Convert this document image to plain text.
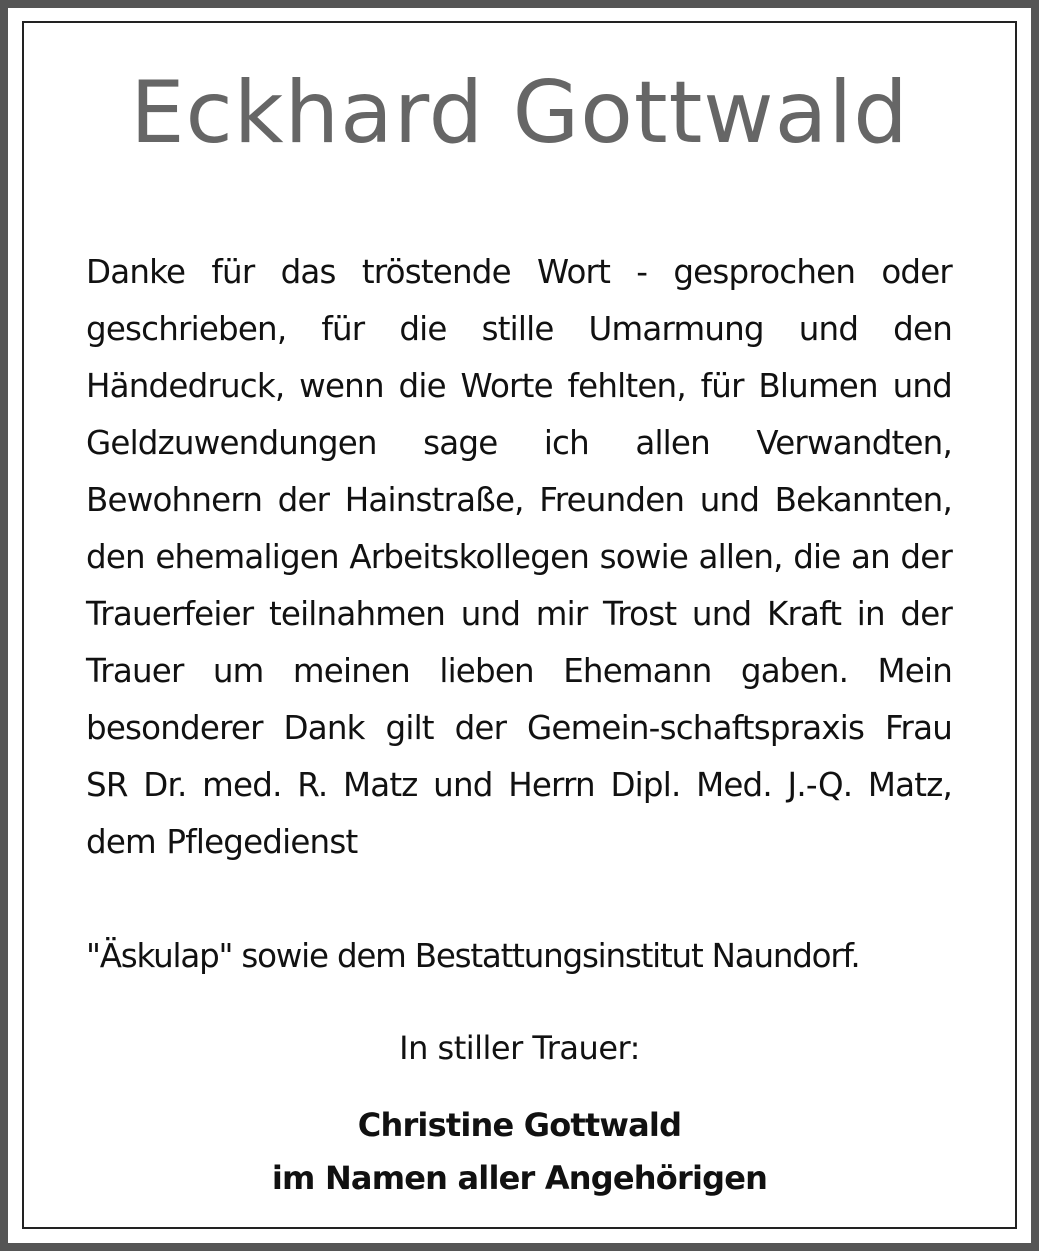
Eckhard Gottwald

Danke für das tröstende Wort - gesprochen oder geschrieben, für die stille Umarmung und den Händedruck, wenn die Worte fehlten, für Blumen und Geldzuwendungen sage ich allen Verwandten, Bewohnern der Hainstraße, Freunden und Bekannten, den ehemaligen Arbeitskollegen sowie allen, die an der Trauerfeier teilnahmen und mir Trost und Kraft in der Trauer um meinen lieben Ehemann gaben. Mein besonderer Dank gilt der Gemein-schaftspraxis Frau SR Dr. med. R. Matz und Herrn Dipl. Med. J.-Q. Matz, dem Pflegedienst

"Äskulap" sowie dem Bestattungsinstitut Naundorf.

In stiller Trauer:
Christine Gottwald
im Namen aller Angehörigen
